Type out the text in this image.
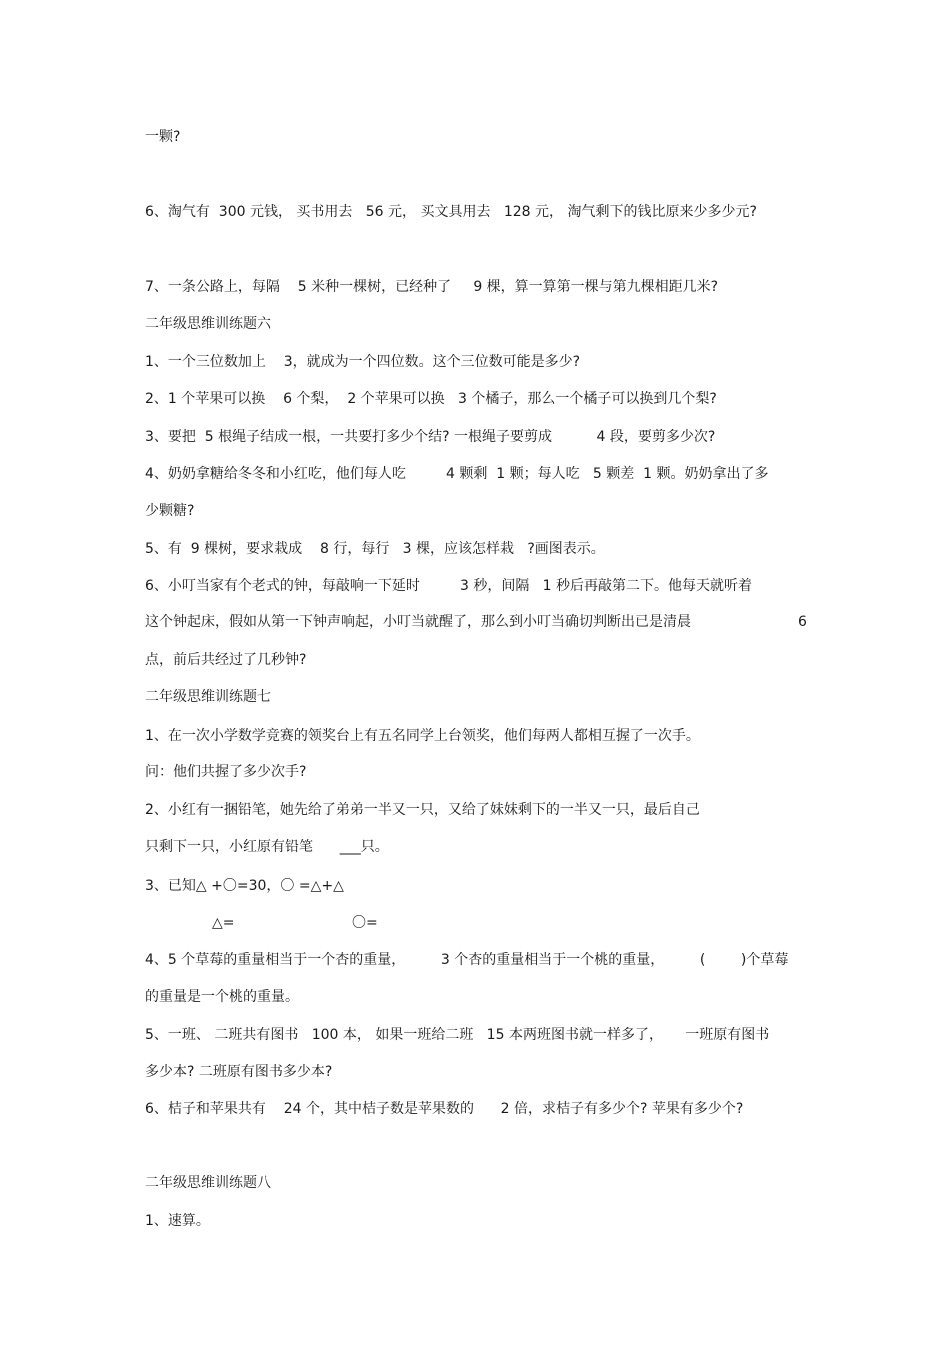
一颗?
6、淘气有  300 元钱， 买书用去   56 元， 买文具用去   128 元， 淘气剩下的钱比原来少多少元?
7、一条公路上，每隔    5 米种一棵树，已经种了     9 棵，算一算第一棵与第九棵相距几米?
二年级思维训练题六
1、一个三位数加上    3，就成为一个四位数。这个三位数可能是多少?
2、1 个苹果可以换    6 个梨，  2 个苹果可以换   3 个橘子，那么一个橘子可以换到几个梨?
3、要把  5 根绳子结成一根，一共要打多少个结? 一根绳子要剪成          4 段，要剪多少次?
4、奶奶拿糖给冬冬和小红吃，他们每人吃         4 颗剩  1 颗；每人吃   5 颗差  1 颗。奶奶拿出了多
少颗糖?
5、有  9 棵树，要求栽成    8 行，每行   3 棵，应该怎样栽   ?画图表示。
6、小叮当家有个老式的钟，每敲响一下延时         3 秒，间隔   1 秒后再敲第二下。他每天就听着
这个钟起床，假如从第一下钟声响起，小叮当就醒了，那么到小叮当确切判断出已是清晨	6
点，前后共经过了几秒钟?
二年级思维训练题七
1、在一次小学数学竞赛的领奖台上有五名同学上台领奖，他们每两人都相互握了一次手。
问：他们共握了多少次手?
2、小红有一捆铅笔，她先给了弟弟一半又一只，又给了妹妹剩下的一半又一只，最后自己
只剩下一只，小红原有铅笔      ___只。
3、已知△ +〇=30，〇 =△+△
△=	〇=
4、5 个草莓的重量相当于一个杏的重量，        3 个杏的重量相当于一个桃的重量，        (        )个草莓
的重量是一个桃的重量。
5、一班、 二班共有图书   100 本， 如果一班给二班   15 本两班图书就一样多了，     一班原有图书
多少本? 二班原有图书多少本?
6、桔子和苹果共有    24 个，其中桔子数是苹果数的      2 倍，求桔子有多少个? 苹果有多少个?
二年级思维训练题八
1、速算。
